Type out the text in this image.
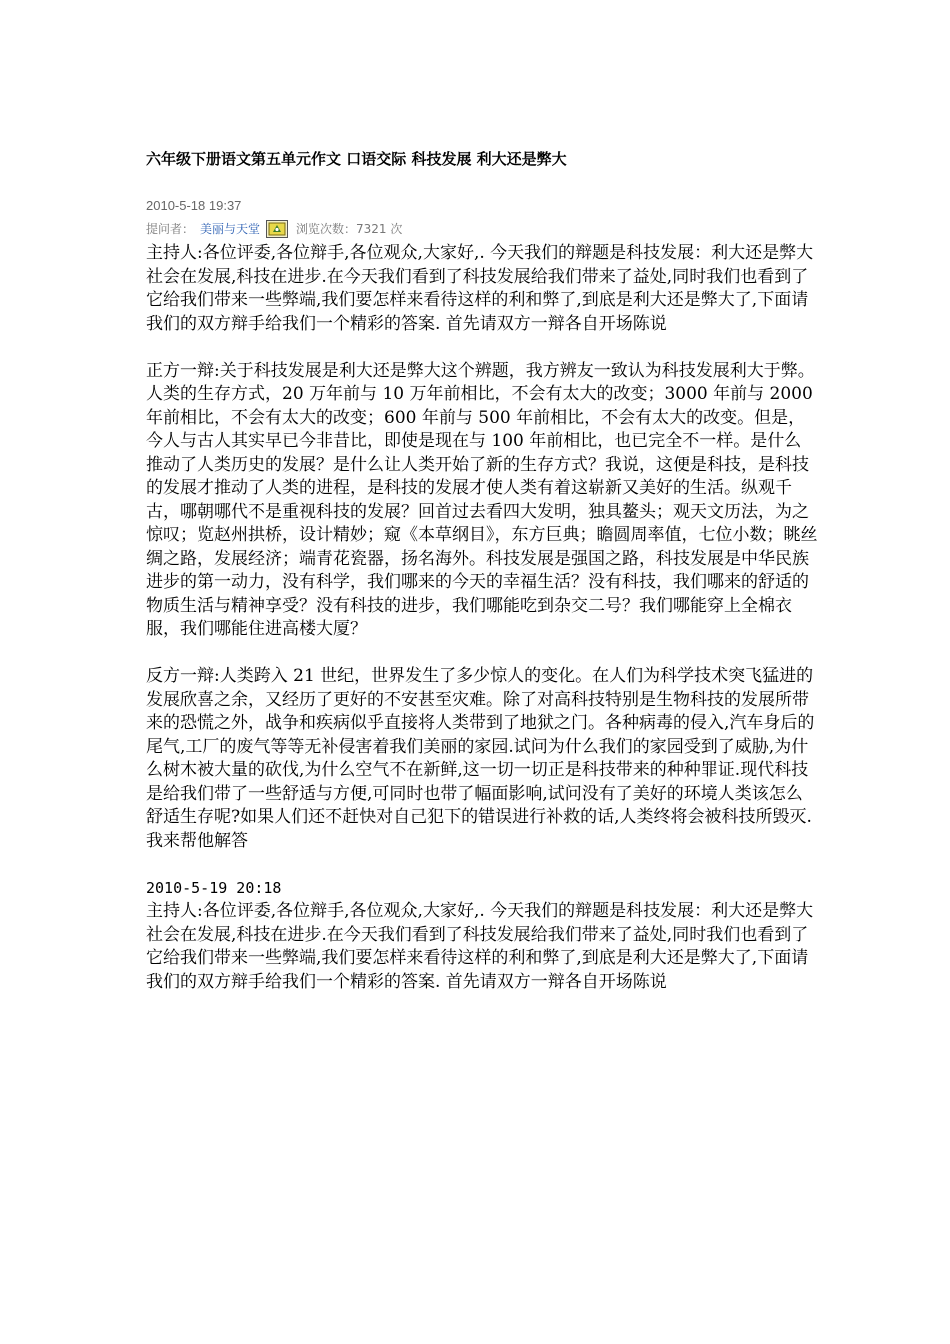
六年级下册语文第五单元作文 口语交际 科技发展 利大还是弊大
2010-5-18 19:37
提问者： 美丽与天堂	浏览次数：7321 次

主持人:各位评委,各位辩手,各位观众,大家好,. 今天我们的辩题是科技发展：利大还是弊大 社会在发展,科技在进步.在今天我们看到了科技发展给我们带来了益处,同时我们也看到了它给我们带来一些弊端,我们要怎样来看待这样的利和弊了,到底是利大还是弊大了,下面请我们的双方辩手给我们一个精彩的答案. 首先请双方一辩各自开场陈说

正方一辩:关于科技发展是利大还是弊大这个辨题，我方辨友一致认为科技发展利大于弊。

人类的生存方式，20 万年前与 10 万年前相比，不会有太大的改变；3000 年前与 2000 年前相比，不会有太大的改变；600 年前与 500 年前相比，不会有太大的改变。但是，今人与古人其实早已今非昔比，即使是现在与 100 年前相比，也已完全不一样。是什么推动了人类历史的发展？是什么让人类开始了新的生存方式？我说，这便是科技，是科技的发展才推动了人类的进程，是科技的发展才使人类有着这崭新又美好的生活。纵观千古，哪朝哪代不是重视科技的发展？回首过去看四大发明，独具鳌头；观天文历法，为之惊叹；览赵州拱桥，设计精妙；窥《本草纲目》，东方巨典；瞻圆周率值，七位小数；眺丝绸之路，发展经济；端青花瓷器，扬名海外。科技发展是强国之路，科技发展是中华民族进步的第一动力，没有科学，我们哪来的今天的幸福生活？没有科技，我们哪来的舒适的物质生活与精神享受？没有科技的进步，我们哪能吃到杂交二号？我们哪能穿上全棉衣服，我们哪能住进高楼大厦？

反方一辩:人类跨入 21 世纪，世界发生了多少惊人的变化。在人们为科学技术突飞猛进的发展欣喜之余，又经历了更好的不安甚至灾难。除了对高科技特别是生物科技的发展所带来的恐慌之外，战争和疾病似乎直接将人类带到了地狱之门。各种病毒的侵入,汽车身后的尾气,工厂的废气等等无补侵害着我们美丽的家园.试问为什么我们的家园受到了威胁,为什么树木被大量的砍伐,为什么空气不在新鲜,这一切一切正是科技带来的种种罪证.现代科技是给我们带了一些舒适与方便,可同时也带了幅面影响,试问没有了美好的环境人类该怎么舒适生存呢?如果人们还不赶快对自己犯下的错误进行补救的话,人类终将会被科技所毁灭.

我来帮他解答

2010-5-19 20:18

主持人:各位评委,各位辩手,各位观众,大家好,. 今天我们的辩题是科技发展：利大还是弊大 社会在发展,科技在进步.在今天我们看到了科技发展给我们带来了益处,同时我们也看到了它给我们带来一些弊端,我们要怎样来看待这样的利和弊了,到底是利大还是弊大了,下面请我们的双方辩手给我们一个精彩的答案. 首先请双方一辩各自开场陈说
